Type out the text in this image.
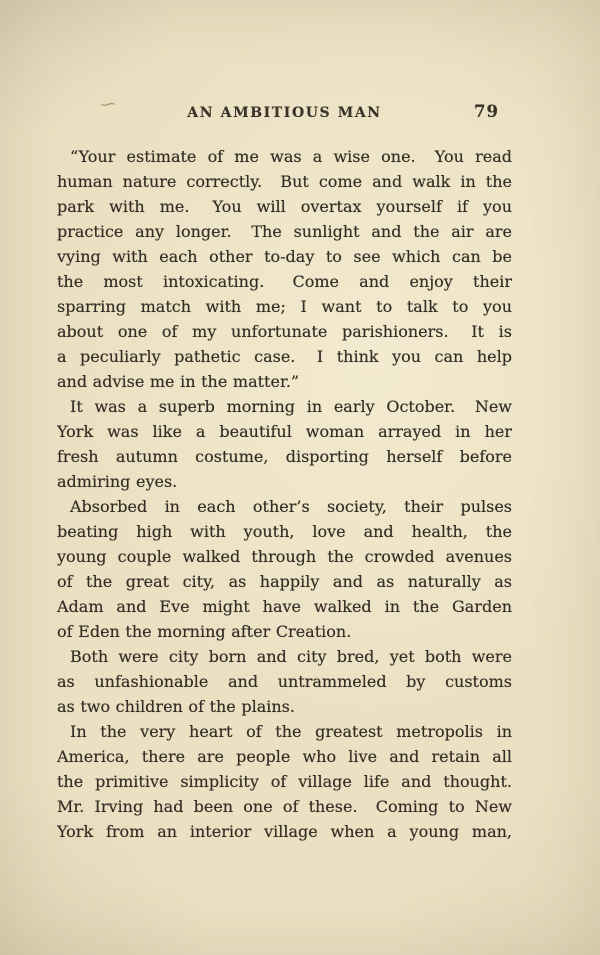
∽	AN AMBITIOUS MAN	79
“Your estimate of me was a wise one.  You read
human nature correctly.  But come and walk in the
park with me.  You will overtax yourself if you
practice any longer.  The sunlight and the air are
vying with each other to-day to see which can be
the most intoxicating.  Come and enjoy their
sparring match with me; I want to talk to you
about one of my unfortunate parishioners.  It is
a peculiarly pathetic case.  I think you can help
and advise me in the matter.”
It was a superb morning in early October.  New
York was like a beautiful woman arrayed in her
fresh autumn costume, disporting herself before
admiring eyes.
Absorbed in each other’s society, their pulses
beating high with youth, love and health, the
young couple walked through the crowded avenues
of the great city, as happily and as naturally as
Adam and Eve might have walked in the Garden
of Eden the morning after Creation.
Both were city born and city bred, yet both were
as unfashionable and untrammeled by customs
as two children of the plains.
In the very heart of the greatest metropolis in
America, there are people who live and retain all
the primitive simplicity of village life and thought.
Mr. Irving had been one of these.  Coming to New
York from an interior village when a young man,
